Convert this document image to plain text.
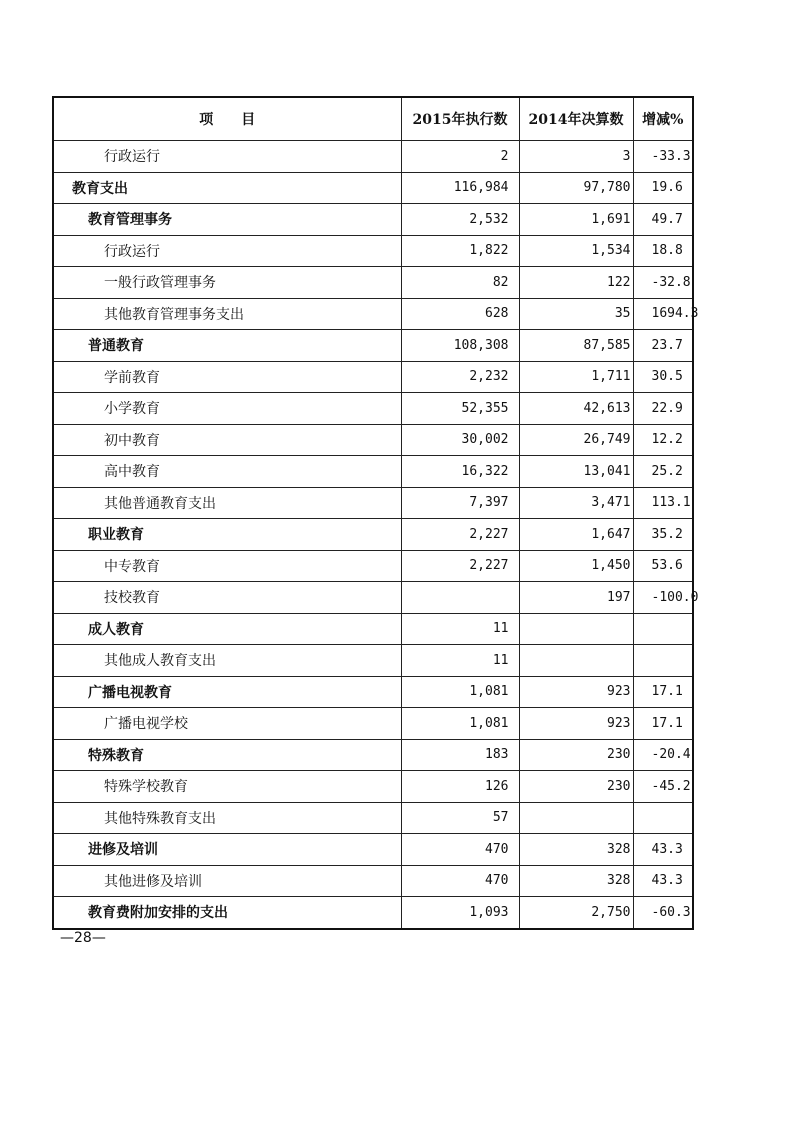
项　　目	2015年执行数	2014年决算数	增减%
行政运行	2	3	-33.3
教育支出	116,984	97,780	19.6
教育管理事务	2,532	1,691	49.7
行政运行	1,822	1,534	18.8
一般行政管理事务	82	122	-32.8
其他教育管理事务支出	628	35	1694.3
普通教育	108,308	87,585	23.7
学前教育	2,232	1,711	30.5
小学教育	52,355	42,613	22.9
初中教育	30,002	26,749	12.2
高中教育	16,322	13,041	25.2
其他普通教育支出	7,397	3,471	113.1
职业教育	2,227	1,647	35.2
中专教育	2,227	1,450	53.6
技校教育		197	-100.0
成人教育	11		
其他成人教育支出	11		
广播电视教育	1,081	923	17.1
广播电视学校	1,081	923	17.1
特殊教育	183	230	-20.4
特殊学校教育	126	230	-45.2
其他特殊教育支出	57		
进修及培训	470	328	43.3
其他进修及培训	470	328	43.3
教育费附加安排的支出	1,093	2,750	-60.3
—28—
